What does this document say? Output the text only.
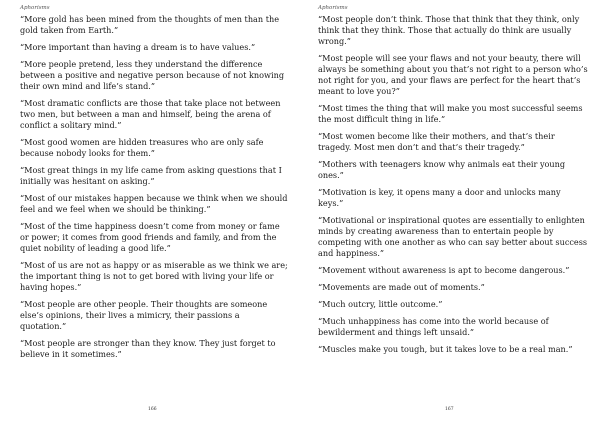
Aphorisms
“More gold has been mined from the thoughts of men than the gold taken from Earth.”
“More important than having a dream is to have values.”
“More people pretend, less they understand the difference between a positive and negative person because of not knowing their own mind and life’s stand.”
“Most dramatic conflicts are those that take place not between two men, but between a man and himself, being the arena of conflict a solitary mind.”
“Most good women are hidden treasures who are only safe because nobody looks for them.”
“Most great things in my life came from asking questions that I initially was hesitant on asking.”
“Most of our mistakes happen because we think when we should feel and we feel when we should be thinking.”
“Most of the time happiness doesn’t come from money or fame or power; it comes from good friends and family, and from the quiet nobility of leading a good life.”
“Most of us are not as happy or as miserable as we think we are; the important thing is not to get bored with living your life or having hopes.”
“Most people are other people. Their thoughts are someone else’s opinions, their lives a mimicry, their passions a quotation.”
“Most people are stronger than they know. They just forget to believe in it sometimes.”
166
Aphorisms
“Most people don’t think. Those that think that they think, only think that they think. Those that actually do think are usually wrong.”
“Most people will see your flaws and not your beauty, there will always be something about you that’s not right to a person who’s not right for you, and your flaws are perfect for the heart that’s meant to love you?”
“Most times the thing that will make you most successful seems the most difficult thing in life.”
“Most women become like their mothers, and that’s their tragedy. Most men don’t and that’s their tragedy.”
“Mothers with teenagers know why animals eat their young ones.”
“Motivation is key, it opens many a door and unlocks many keys.”
“Motivational or inspirational quotes are essentially to enlighten minds by creating awareness than to entertain people by competing with one another as who can say better about success and happiness.”
“Movement without awareness is apt to become dangerous.”
“Movements are made out of moments.”
“Much outcry, little outcome.”
“Much unhappiness has come into the world because of bewilderment and things left unsaid.”
“Muscles make you tough, but it takes love to be a real man.”
167
